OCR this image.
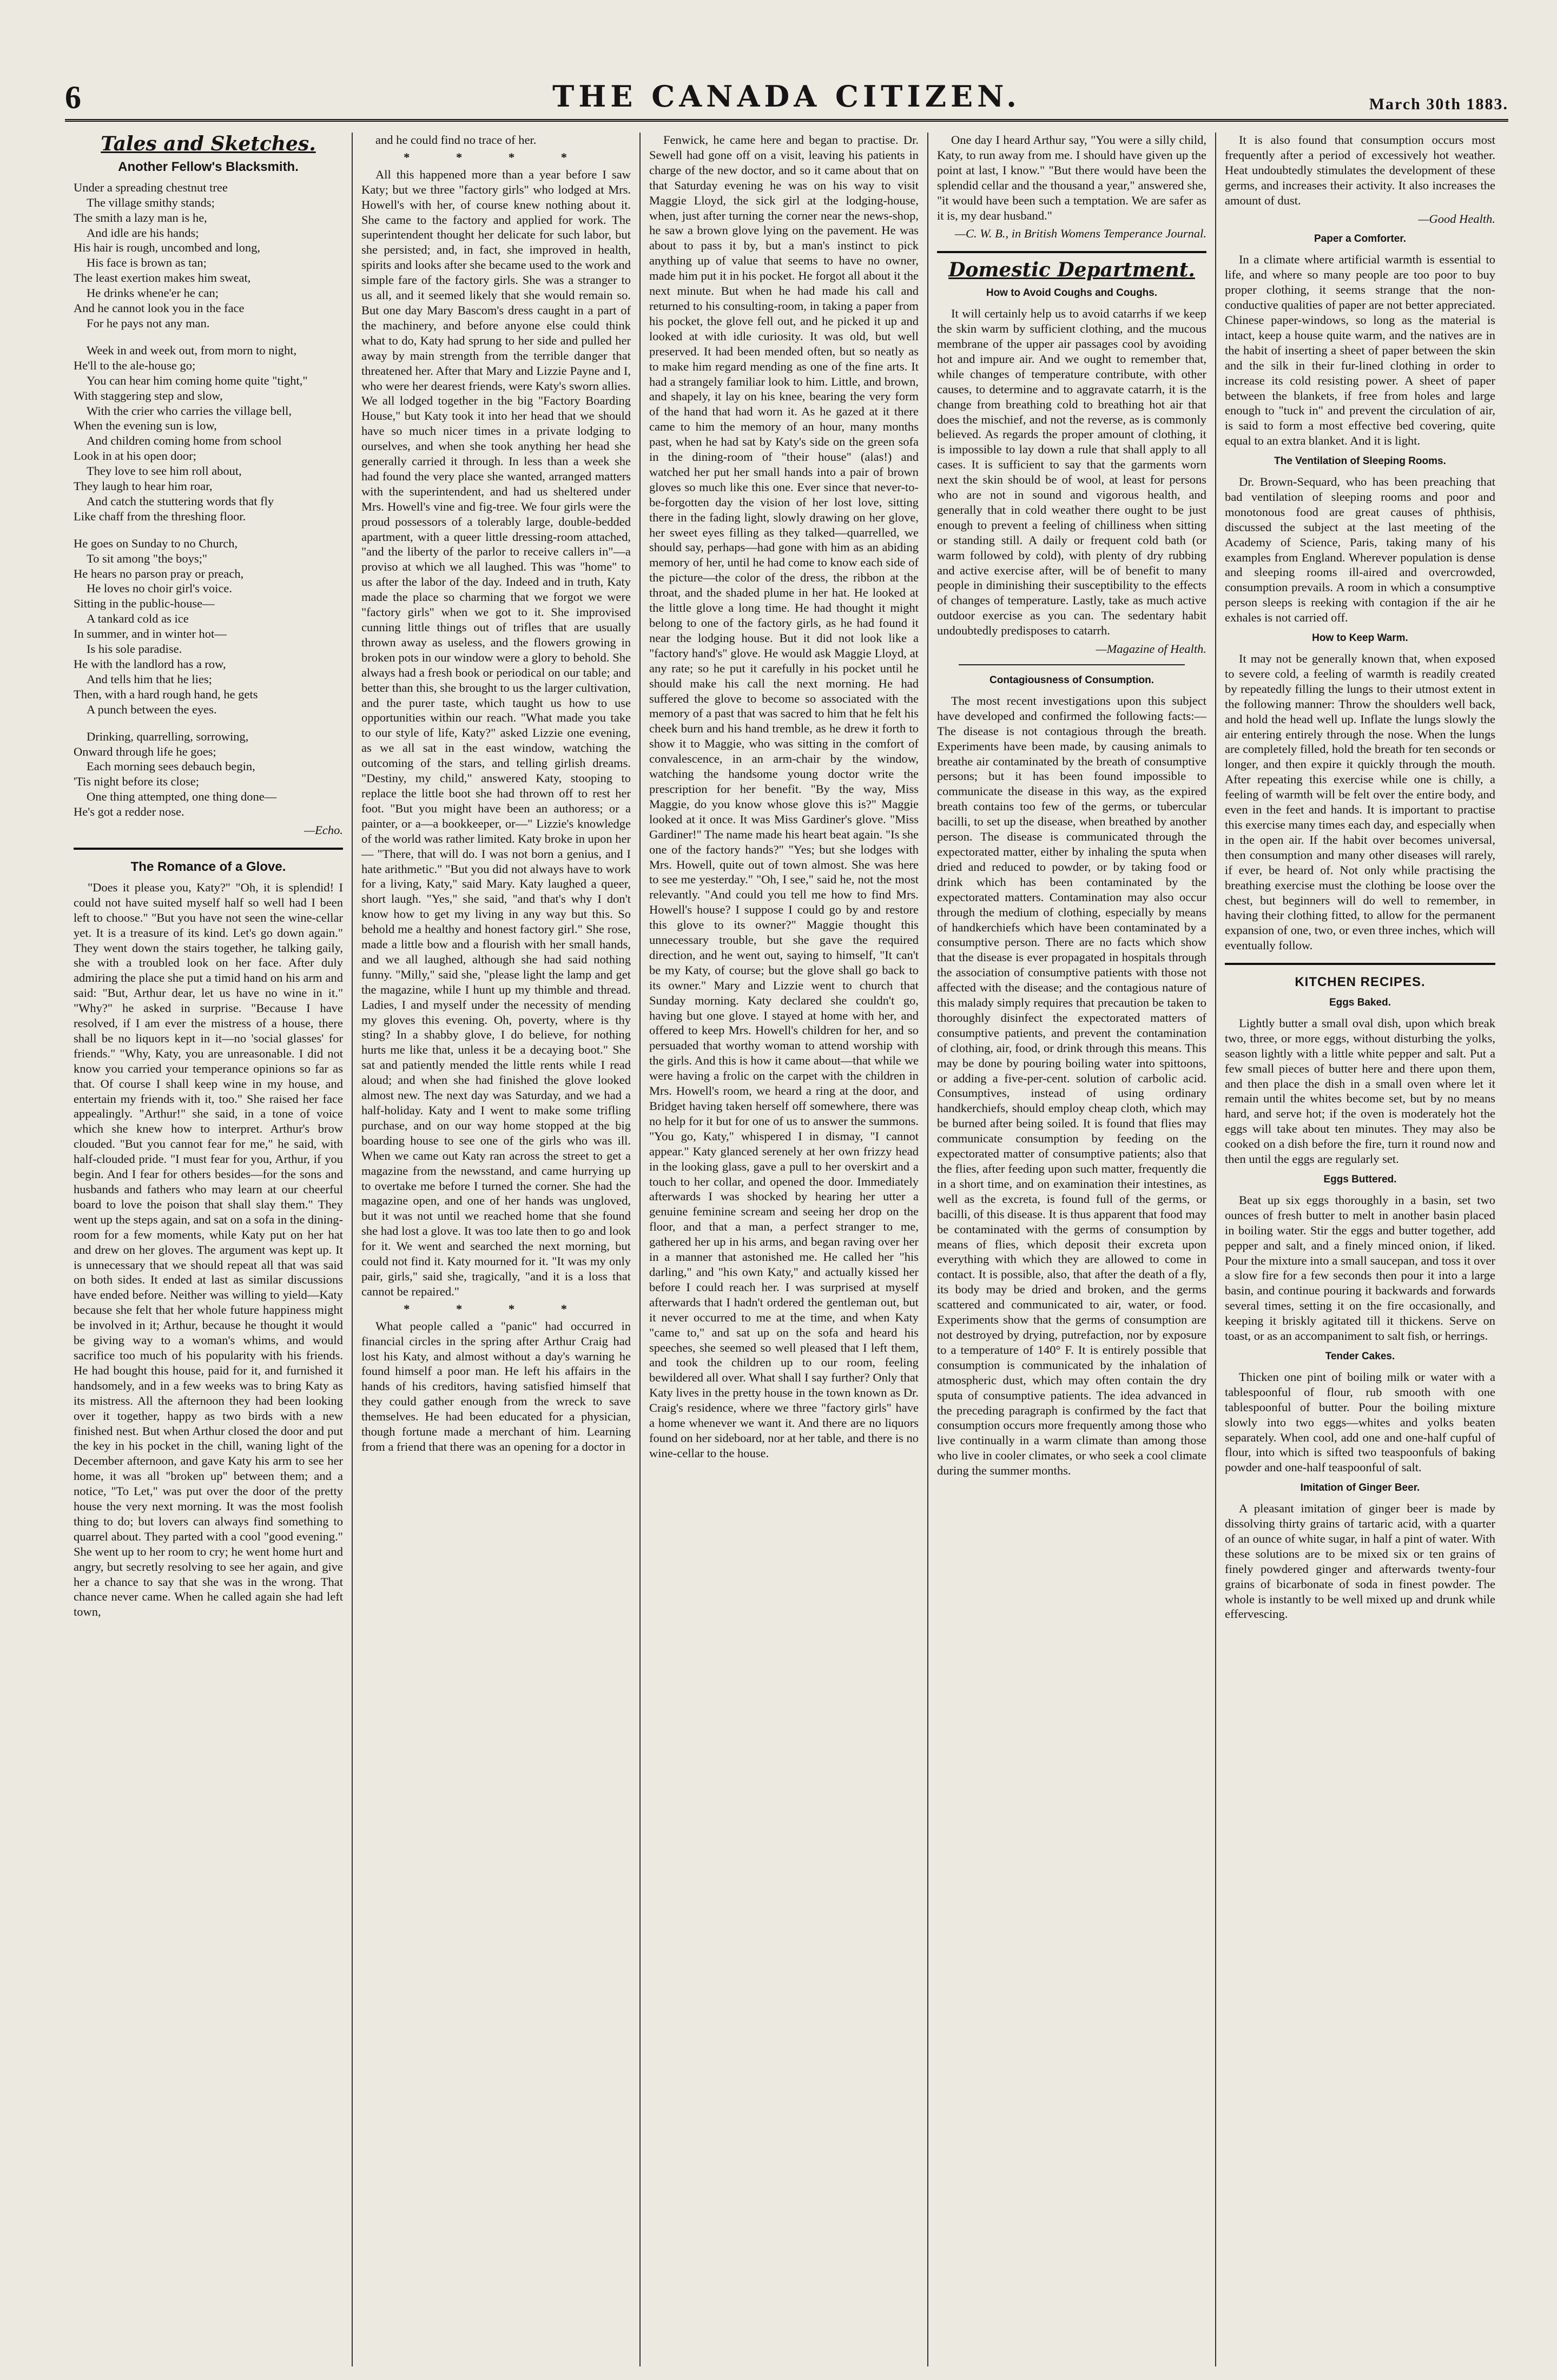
6	THE CANADA CITIZEN.	March 30th 1883.
Tales and Sketches.
Another Fellow's Blacksmith.

Under a spreading chestnut tree

The village smithy stands;

The smith a lazy man is he,

And idle are his hands;

His hair is rough, uncombed and long,

His face is brown as tan;

The least exertion makes him sweat,

He drinks whene'er he can;

And he cannot look you in the face

For he pays not any man.

Week in and week out, from morn to night,

He'll to the ale-house go;

You can hear him coming home quite "tight,"

With staggering step and slow,

With the crier who carries the village bell,

When the evening sun is low,

And children coming home from school

Look in at his open door;

They love to see him roll about,

They laugh to hear him roar,

And catch the stuttering words that fly

Like chaff from the threshing floor.

He goes on Sunday to no Church,

To sit among "the boys;"

He hears no parson pray or preach,

He loves no choir girl's voice.

Sitting in the public-house—

A tankard cold as ice

In summer, and in winter hot—

Is his sole paradise.

He with the landlord has a row,

And tells him that he lies;

Then, with a hard rough hand, he gets

A punch between the eyes.

Drinking, quarrelling, sorrowing,

Onward through life he goes;

Each morning sees debauch begin,

'Tis night before its close;

One thing attempted, one thing done—

He's got a redder nose.

—Echo.
The Romance of a Glove.

"Does it please you, Katy?" "Oh, it is splendid! I could not have suited myself half so well had I been left to choose." "But you have not seen the wine-cellar yet. It is a treasure of its kind. Let's go down again." They went down the stairs together, he talking gaily, she with a troubled look on her face. After duly admiring the place she put a timid hand on his arm and said: "But, Arthur dear, let us have no wine in it." "Why?" he asked in surprise. "Because I have resolved, if I am ever the mistress of a house, there shall be no liquors kept in it—no 'social glasses' for friends." "Why, Katy, you are unreasonable. I did not know you carried your temperance opinions so far as that. Of course I shall keep wine in my house, and entertain my friends with it, too." She raised her face appealingly. "Arthur!" she said, in a tone of voice which she knew how to interpret. Arthur's brow clouded. "But you cannot fear for me," he said, with half-clouded pride. "I must fear for you, Arthur, if you begin. And I fear for others besides—for the sons and husbands and fathers who may learn at our cheerful board to love the poison that shall slay them." They went up the steps again, and sat on a sofa in the dining-room for a few moments, while Katy put on her hat and drew on her gloves. The argument was kept up. It is unnecessary that we should repeat all that was said on both sides. It ended at last as similar discussions have ended before. Neither was willing to yield—Katy because she felt that her whole future happiness might be involved in it; Arthur, because he thought it would be giving way to a woman's whims, and would sacrifice too much of his popularity with his friends. He had bought this house, paid for it, and furnished it handsomely, and in a few weeks was to bring Katy as its mistress. All the afternoon they had been looking over it together, happy as two birds with a new finished nest. But when Arthur closed the door and put the key in his pocket in the chill, waning light of the December afternoon, and gave Katy his arm to see her home, it was all "broken up" between them; and a notice, "To Let," was put over the door of the pretty house the very next morning. It was the most foolish thing to do; but lovers can always find something to quarrel about. They parted with a cool "good evening." She went up to her room to cry; he went home hurt and angry, but secretly resolving to see her again, and give her a chance to say that she was in the wrong. That chance never came. When he called again she had left town,

and he could find no trace of her.

* * * *

All this happened more than a year before I saw Katy; but we three "factory girls" who lodged at Mrs. Howell's with her, of course knew nothing about it. She came to the factory and applied for work. The superintendent thought her delicate for such labor, but she persisted; and, in fact, she improved in health, spirits and looks after she became used to the work and simple fare of the factory girls. She was a stranger to us all, and it seemed likely that she would remain so. But one day Mary Bascom's dress caught in a part of the machinery, and before anyone else could think what to do, Katy had sprung to her side and pulled her away by main strength from the terrible danger that threatened her. After that Mary and Lizzie Payne and I, who were her dearest friends, were Katy's sworn allies. We all lodged together in the big "Factory Boarding House," but Katy took it into her head that we should have so much nicer times in a private lodging to ourselves, and when she took anything her head she generally carried it through. In less than a week she had found the very place she wanted, arranged matters with the superintendent, and had us sheltered under Mrs. Howell's vine and fig-tree. We four girls were the proud possessors of a tolerably large, double-bedded apartment, with a queer little dressing-room attached, "and the liberty of the parlor to receive callers in"—a proviso at which we all laughed. This was "home" to us after the labor of the day. Indeed and in truth, Katy made the place so charming that we forgot we were "factory girls" when we got to it. She improvised cunning little things out of trifles that are usually thrown away as useless, and the flowers growing in broken pots in our window were a glory to behold. She always had a fresh book or periodical on our table; and better than this, she brought to us the larger cultivation, and the purer taste, which taught us how to use opportunities within our reach. "What made you take to our style of life, Katy?" asked Lizzie one evening, as we all sat in the east window, watching the outcoming of the stars, and telling girlish dreams. "Destiny, my child," answered Katy, stooping to replace the little boot she had thrown off to rest her foot. "But you might have been an authoress; or a painter, or a—a bookkeeper, or—" Lizzie's knowledge of the world was rather limited. Katy broke in upon her— "There, that will do. I was not born a genius, and I hate arithmetic." "But you did not always have to work for a living, Katy," said Mary. Katy laughed a queer, short laugh. "Yes," she said, "and that's why I don't know how to get my living in any way but this. So behold me a healthy and honest factory girl." She rose, made a little bow and a flourish with her small hands, and we all laughed, although she had said nothing funny. "Milly," said she, "please light the lamp and get the magazine, while I hunt up my thimble and thread. Ladies, I and myself under the necessity of mending my gloves this evening. Oh, poverty, where is thy sting? In a shabby glove, I do believe, for nothing hurts me like that, unless it be a decaying boot." She sat and patiently mended the little rents while I read aloud; and when she had finished the glove looked almost new. The next day was Saturday, and we had a half-holiday. Katy and I went to make some trifling purchase, and on our way home stopped at the big boarding house to see one of the girls who was ill. When we came out Katy ran across the street to get a magazine from the newsstand, and came hurrying up to overtake me before I turned the corner. She had the magazine open, and one of her hands was ungloved, but it was not until we reached home that she found she had lost a glove. It was too late then to go and look for it. We went and searched the next morning, but could not find it. Katy mourned for it. "It was my only pair, girls," said she, tragically, "and it is a loss that cannot be repaired."

* * * *

What people called a "panic" had occurred in financial circles in the spring after Arthur Craig had lost his Katy, and almost without a day's warning he found himself a poor man. He left his affairs in the hands of his creditors, having satisfied himself that they could gather enough from the wreck to save themselves. He had been educated for a physician, though fortune made a merchant of him. Learning from a friend that there was an opening for a doctor in

Fenwick, he came here and began to practise. Dr. Sewell had gone off on a visit, leaving his patients in charge of the new doctor, and so it came about that on that Saturday evening he was on his way to visit Maggie Lloyd, the sick girl at the lodging-house, when, just after turning the corner near the news-shop, he saw a brown glove lying on the pavement. He was about to pass it by, but a man's instinct to pick anything up of value that seems to have no owner, made him put it in his pocket. He forgot all about it the next minute. But when he had made his call and returned to his consulting-room, in taking a paper from his pocket, the glove fell out, and he picked it up and looked at with idle curiosity. It was old, but well preserved. It had been mended often, but so neatly as to make him regard mending as one of the fine arts. It had a strangely familiar look to him. Little, and brown, and shapely, it lay on his knee, bearing the very form of the hand that had worn it. As he gazed at it there came to him the memory of an hour, many months past, when he had sat by Katy's side on the green sofa in the dining-room of "their house" (alas!) and watched her put her small hands into a pair of brown gloves so much like this one. Ever since that never-to-be-forgotten day the vision of her lost love, sitting there in the fading light, slowly drawing on her glove, her sweet eyes filling as they talked—quarrelled, we should say, perhaps—had gone with him as an abiding memory of her, until he had come to know each side of the picture—the color of the dress, the ribbon at the throat, and the shaded plume in her hat. He looked at the little glove a long time. He had thought it might belong to one of the factory girls, as he had found it near the lodging house. But it did not look like a "factory hand's" glove. He would ask Maggie Lloyd, at any rate; so he put it carefully in his pocket until he should make his call the next morning. He had suffered the glove to become so associated with the memory of a past that was sacred to him that he felt his cheek burn and his hand tremble, as he drew it forth to show it to Maggie, who was sitting in the comfort of convalescence, in an arm-chair by the window, watching the handsome young doctor write the prescription for her benefit. "By the way, Miss Maggie, do you know whose glove this is?" Maggie looked at it once. It was Miss Gardiner's glove. "Miss Gardiner!" The name made his heart beat again. "Is she one of the factory hands?" "Yes; but she lodges with Mrs. Howell, quite out of town almost. She was here to see me yesterday." "Oh, I see," said he, not the most relevantly. "And could you tell me how to find Mrs. Howell's house? I suppose I could go by and restore this glove to its owner?" Maggie thought this unnecessary trouble, but she gave the required direction, and he went out, saying to himself, "It can't be my Katy, of course; but the glove shall go back to its owner." Mary and Lizzie went to church that Sunday morning. Katy declared she couldn't go, having but one glove. I stayed at home with her, and offered to keep Mrs. Howell's children for her, and so persuaded that worthy woman to attend worship with the girls. And this is how it came about—that while we were having a frolic on the carpet with the children in Mrs. Howell's room, we heard a ring at the door, and Bridget having taken herself off somewhere, there was no help for it but for one of us to answer the summons. "You go, Katy," whispered I in dismay, "I cannot appear." Katy glanced serenely at her own frizzy head in the looking glass, gave a pull to her overskirt and a touch to her collar, and opened the door. Immediately afterwards I was shocked by hearing her utter a genuine feminine scream and seeing her drop on the floor, and that a man, a perfect stranger to me, gathered her up in his arms, and began raving over her in a manner that astonished me. He called her "his darling," and "his own Katy," and actually kissed her before I could reach her. I was surprised at myself afterwards that I hadn't ordered the gentleman out, but it never occurred to me at the time, and when Katy "came to," and sat up on the sofa and heard his speeches, she seemed so well pleased that I left them, and took the children up to our room, feeling bewildered all over. What shall I say further? Only that Katy lives in the pretty house in the town known as Dr. Craig's residence, where we three "factory girls" have a home whenever we want it. And there are no liquors found on her sideboard, nor at her table, and there is no wine-cellar to the house.

One day I heard Arthur say, "You were a silly child, Katy, to run away from me. I should have given up the point at last, I know." "But there would have been the splendid cellar and the thousand a year," answered she, "it would have been such a temptation. We are safer as it is, my dear husband."

—C. W. B., in British Womens Temperance Journal.
Domestic Department.
How to Avoid Coughs and Coughs.

It will certainly help us to avoid catarrhs if we keep the skin warm by sufficient clothing, and the mucous membrane of the upper air passages cool by avoiding hot and impure air. And we ought to remember that, while changes of temperature contribute, with other causes, to determine and to aggravate catarrh, it is the change from breathing cold to breathing hot air that does the mischief, and not the reverse, as is commonly believed. As regards the proper amount of clothing, it is impossible to lay down a rule that shall apply to all cases. It is sufficient to say that the garments worn next the skin should be of wool, at least for persons who are not in sound and vigorous health, and generally that in cold weather there ought to be just enough to prevent a feeling of chilliness when sitting or standing still. A daily or frequent cold bath (or warm followed by cold), with plenty of dry rubbing and active exercise after, will be of benefit to many people in diminishing their susceptibility to the effects of changes of temperature. Lastly, take as much active outdoor exercise as you can. The sedentary habit undoubtedly predisposes to catarrh.

—Magazine of Health.
Contagiousness of Consumption.

The most recent investigations upon this subject have developed and confirmed the following facts:— The disease is not contagious through the breath. Experiments have been made, by causing animals to breathe air contaminated by the breath of consumptive persons; but it has been found impossible to communicate the disease in this way, as the expired breath contains too few of the germs, or tubercular bacilli, to set up the disease, when breathed by another person. The disease is communicated through the expectorated matter, either by inhaling the sputa when dried and reduced to powder, or by taking food or drink which has been contaminated by the expectorated matters. Contamination may also occur through the medium of clothing, especially by means of handkerchiefs which have been contaminated by a consumptive person. There are no facts which show that the disease is ever propagated in hospitals through the association of consumptive patients with those not affected with the disease; and the contagious nature of this malady simply requires that precaution be taken to thoroughly disinfect the expectorated matters of consumptive patients, and prevent the contamination of clothing, air, food, or drink through this means. This may be done by pouring boiling water into spittoons, or adding a five-per-cent. solution of carbolic acid. Consumptives, instead of using ordinary handkerchiefs, should employ cheap cloth, which may be burned after being soiled. It is found that flies may communicate consumption by feeding on the expectorated matter of consumptive patients; also that the flies, after feeding upon such matter, frequently die in a short time, and on examination their intestines, as well as the excreta, is found full of the germs, or bacilli, of this disease. It is thus apparent that food may be contaminated with the germs of consumption by means of flies, which deposit their excreta upon everything with which they are allowed to come in contact. It is possible, also, that after the death of a fly, its body may be dried and broken, and the germs scattered and communicated to air, water, or food. Experiments show that the germs of consumption are not destroyed by drying, putrefaction, nor by exposure to a temperature of 140° F. It is entirely possible that consumption is communicated by the inhalation of atmospheric dust, which may often contain the dry sputa of consumptive patients. The idea advanced in the preceding paragraph is confirmed by the fact that consumption occurs more frequently among those who live continually in a warm climate than among those who live in cooler climates, or who seek a cool climate during the summer months.

It is also found that consumption occurs most frequently after a period of excessively hot weather. Heat undoubtedly stimulates the development of these germs, and increases their activity. It also increases the amount of dust.

—Good Health.
Paper a Comforter.

In a climate where artificial warmth is essential to life, and where so many people are too poor to buy proper clothing, it seems strange that the non-conductive qualities of paper are not better appreciated. Chinese paper-windows, so long as the material is intact, keep a house quite warm, and the natives are in the habit of inserting a sheet of paper between the skin and the silk in their fur-lined clothing in order to increase its cold resisting power. A sheet of paper between the blankets, if free from holes and large enough to "tuck in" and prevent the circulation of air, is said to form a most effective bed covering, quite equal to an extra blanket. And it is light.

The Ventilation of Sleeping Rooms.

Dr. Brown-Sequard, who has been preaching that bad ventilation of sleeping rooms and poor and monotonous food are great causes of phthisis, discussed the subject at the last meeting of the Academy of Science, Paris, taking many of his examples from England. Wherever population is dense and sleeping rooms ill-aired and overcrowded, consumption prevails. A room in which a consumptive person sleeps is reeking with contagion if the air he exhales is not carried off.

How to Keep Warm.

It may not be generally known that, when exposed to severe cold, a feeling of warmth is readily created by repeatedly filling the lungs to their utmost extent in the following manner: Throw the shoulders well back, and hold the head well up. Inflate the lungs slowly the air entering entirely through the nose. When the lungs are completely filled, hold the breath for ten seconds or longer, and then expire it quickly through the mouth. After repeating this exercise while one is chilly, a feeling of warmth will be felt over the entire body, and even in the feet and hands. It is important to practise this exercise many times each day, and especially when in the open air. If the habit over becomes universal, then consumption and many other diseases will rarely, if ever, be heard of. Not only while practising the breathing exercise must the clothing be loose over the chest, but beginners will do well to remember, in having their clothing fitted, to allow for the permanent expansion of one, two, or even three inches, which will eventually follow.

KITCHEN RECIPES.
Eggs Baked.

Lightly butter a small oval dish, upon which break two, three, or more eggs, without disturbing the yolks, season lightly with a little white pepper and salt. Put a few small pieces of butter here and there upon them, and then place the dish in a small oven where let it remain until the whites become set, but by no means hard, and serve hot; if the oven is moderately hot the eggs will take about ten minutes. They may also be cooked on a dish before the fire, turn it round now and then until the eggs are regularly set.

Eggs Buttered.

Beat up six eggs thoroughly in a basin, set two ounces of fresh butter to melt in another basin placed in boiling water. Stir the eggs and butter together, add pepper and salt, and a finely minced onion, if liked. Pour the mixture into a small saucepan, and toss it over a slow fire for a few seconds then pour it into a large basin, and continue pouring it backwards and forwards several times, setting it on the fire occasionally, and keeping it briskly agitated till it thickens. Serve on toast, or as an accompaniment to salt fish, or herrings.

Tender Cakes.

Thicken one pint of boiling milk or water with a tablespoonful of flour, rub smooth with one tablespoonful of butter. Pour the boiling mixture slowly into two eggs—whites and yolks beaten separately. When cool, add one and one-half cupful of flour, into which is sifted two teaspoonfuls of baking powder and one-half teaspoonful of salt.

Imitation of Ginger Beer.

A pleasant imitation of ginger beer is made by dissolving thirty grains of tartaric acid, with a quarter of an ounce of white sugar, in half a pint of water. With these solutions are to be mixed six or ten grains of finely powdered ginger and afterwards twenty-four grains of bicarbonate of soda in finest powder. The whole is instantly to be well mixed up and drunk while effervescing.
